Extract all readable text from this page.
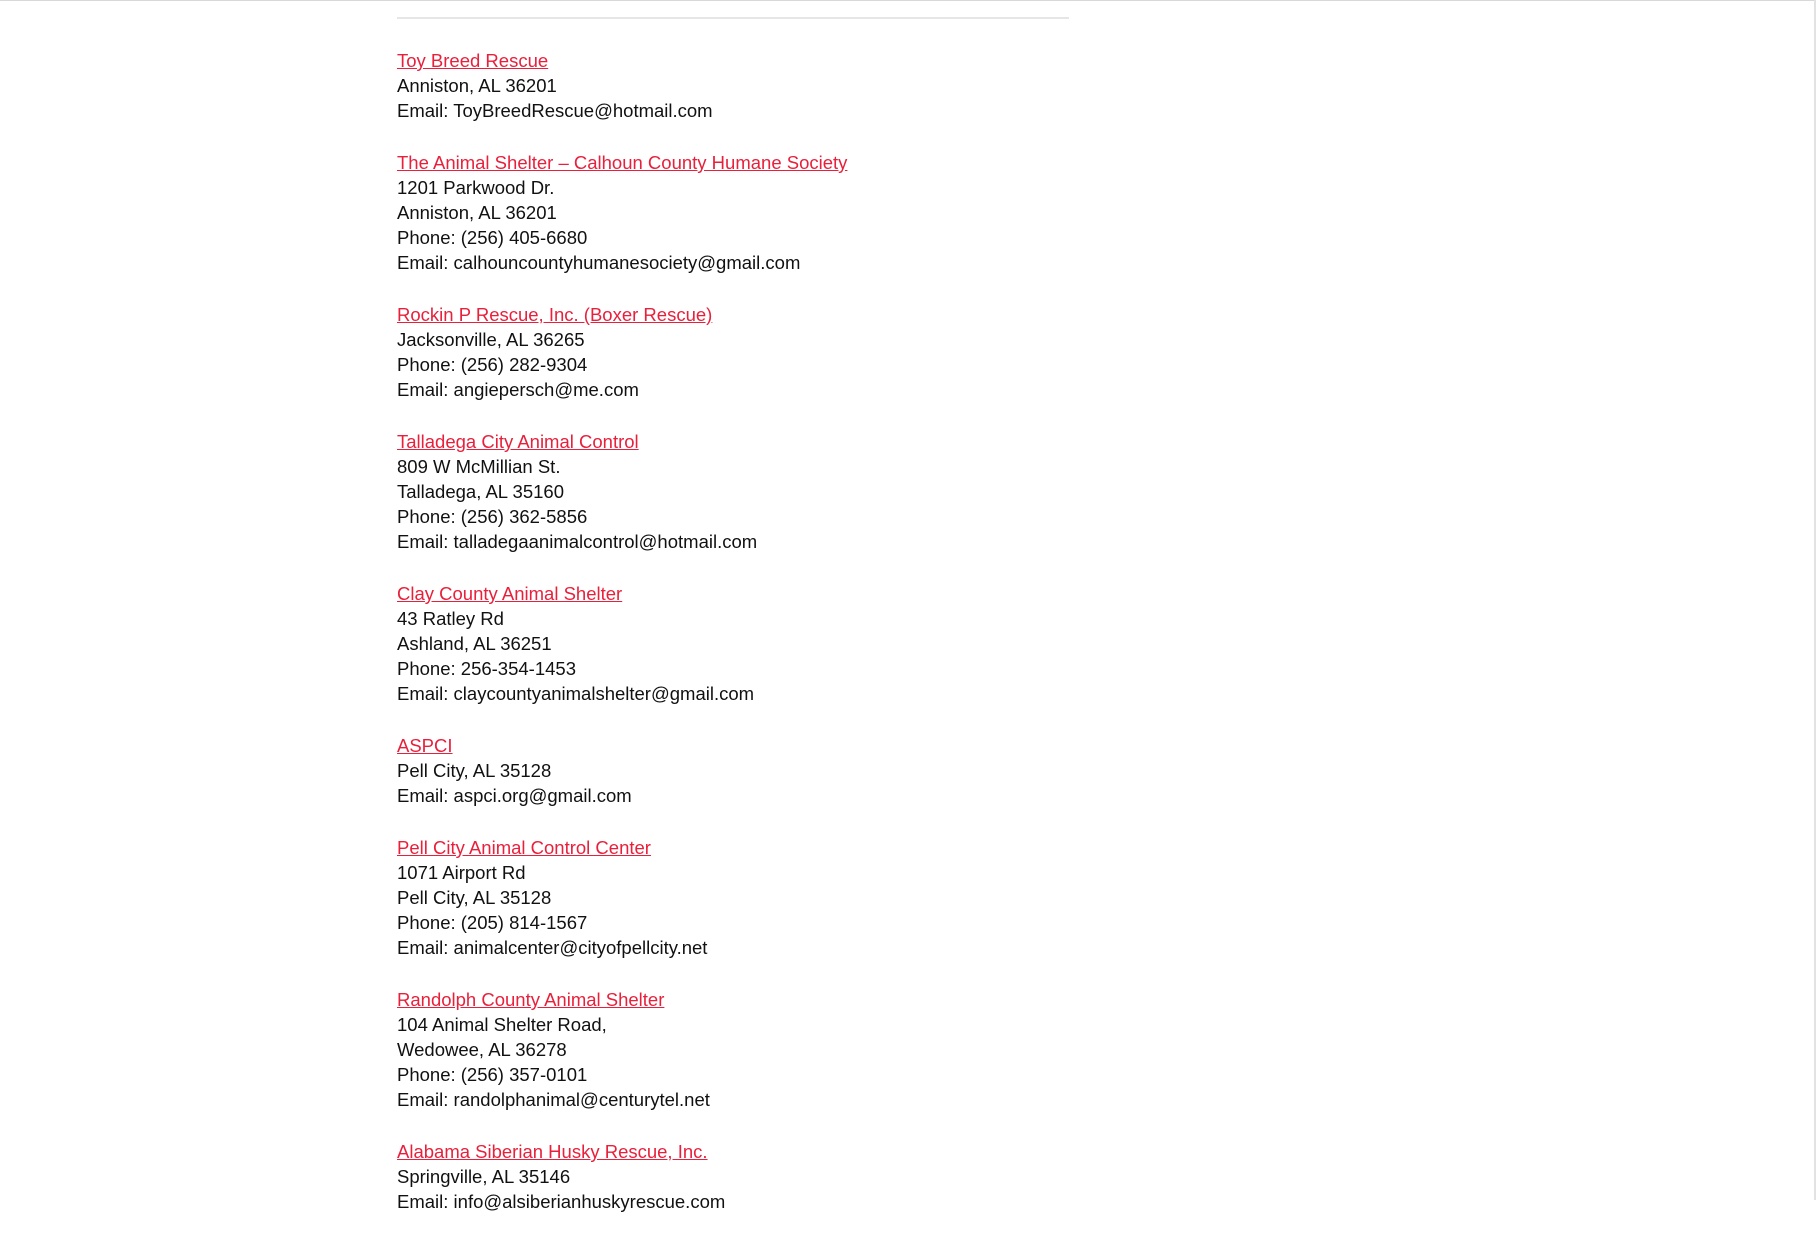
Toy Breed Rescue
Anniston, AL 36201
Email: ToyBreedRescue@hotmail.com
The Animal Shelter – Calhoun County Humane Society
1201 Parkwood Dr.
Anniston, AL 36201
Phone: (256) 405-6680
Email: calhouncountyhumanesociety@gmail.com
Rockin P Rescue, Inc. (Boxer Rescue)
Jacksonville, AL 36265
Phone: (256) 282-9304
Email: angiepersch@me.com
Talladega City Animal Control
809 W McMillian St.
Talladega, AL 35160
Phone: (256) 362-5856
Email: talladegaanimalcontrol@hotmail.com
Clay County Animal Shelter
43 Ratley Rd
Ashland, AL 36251
Phone: 256-354-1453
Email: claycountyanimalshelter@gmail.com
ASPCI
Pell City, AL 35128
Email: aspci.org@gmail.com
Pell City Animal Control Center
1071 Airport Rd
Pell City, AL 35128
Phone: (205) 814-1567
Email: animalcenter@cityofpellcity.net
Randolph County Animal Shelter
104 Animal Shelter Road,
Wedowee, AL 36278
Phone: (256) 357-0101
Email: randolphanimal@centurytel.net
Alabama Siberian Husky Rescue, Inc.
Springville, AL 35146
Email: info@alsiberianhuskyrescue.com
